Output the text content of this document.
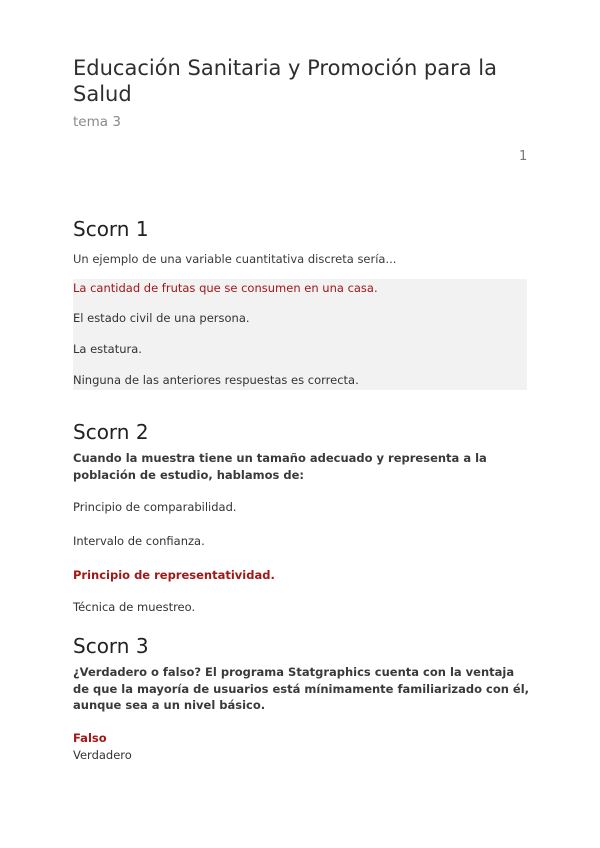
Educación Sanitaria y Promoción para la Salud
tema 3
1
Scorn 1

Un ejemplo de una variable cuantitativa discreta sería...

La cantidad de frutas que se consumen en una casa.
El estado civil de una persona.
La estatura.
Ninguna de las anteriores respuestas es correcta.
Scorn 2

Cuando la muestra tiene un tamaño adecuado y representa a la población de estudio, hablamos de:

Principio de comparabilidad.
Intervalo de confianza.
Principio de representatividad.
Técnica de muestreo.
Scorn 3

¿Verdadero o falso? El programa Statgraphics cuenta con la ventaja de que la mayoría de usuarios está mínimamente familiarizado con él, aunque sea a un nivel básico.

Falso
Verdadero
